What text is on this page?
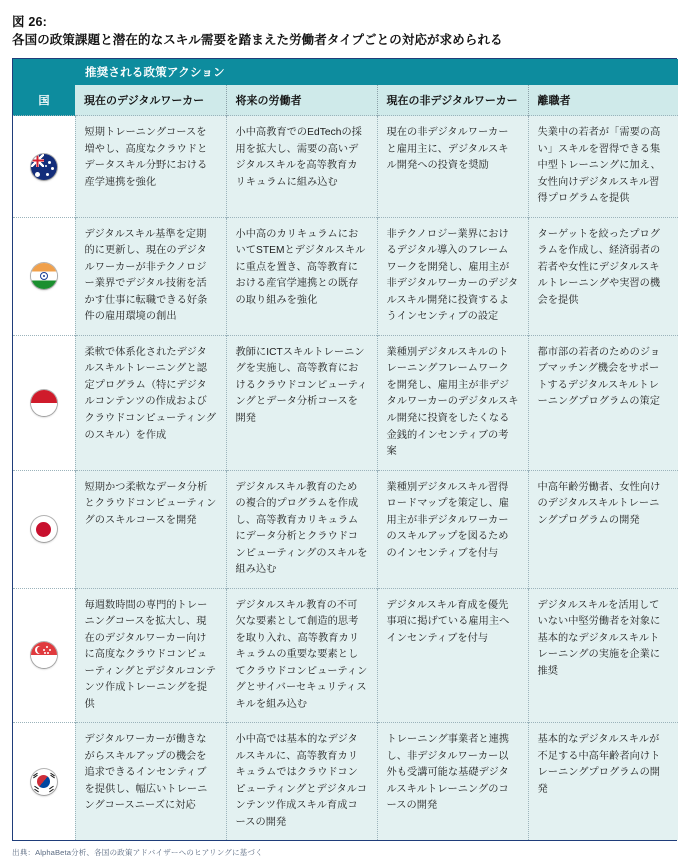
図 26:
各国の政策課題と潜在的なスキル需要を踏まえた労働者タイプごとの対応が求められる
	推奨される政策アクション			
国	現在のデジタルワーカー	将来の労働者	現在の非デジタルワーカー	離職者

	短期トレーニングコースを増やし、高度なクラウドとデータスキル分野における産学連携を強化	小中高教育でのEdTechの採用を拡大し、需要の高いデジタルスキルを高等教育カリキュラムに組み込む	現在の非デジタルワーカーと雇用主に、デジタルスキル開発への投資を奨励	失業中の若者が「需要の高い」スキルを習得できる集中型トレーニングに加え、女性向けデジタルスキル習得プログラムを提供

	デジタルスキル基準を定期的に更新し、現在のデジタルワーカーが非テクノロジー業界でデジタル技術を活かす仕事に転職できる好条件の雇用環境の創出	小中高のカリキュラムにおいてSTEMとデジタルスキルに重点を置き、高等教育における産官学連携との既存の取り組みを強化	非テクノロジー業界におけるデジタル導入のフレームワークを開発し、雇用主が非デジタルワーカーのデジタルスキル開発に投資するようインセンティブの設定	ターゲットを絞ったプログラムを作成し、経済弱者の若者や女性にデジタルスキルトレーニングや実習の機会を提供
	柔軟で体系化されたデジタルスキルトレーニングと認定プログラム（特にデジタルコンテンツの作成およびクラウドコンピューティングのスキル）を作成	教師にICTスキルトレーニングを実施し、高等教育におけるクラウドコンピューティングとデータ分析コースを開発	業種別デジタルスキルのトレーニングフレームワークを開発し、雇用主が非デジタルワーカーのデジタルスキル開発に投資をしたくなる金銭的インセンティブの考案	都市部の若者のためのジョブマッチング機会をサポートするデジタルスキルトレーニングプログラムの策定

	短期かつ柔軟なデータ分析とクラウドコンピューティングのスキルコースを開発	デジタルスキル教育のための複合的プログラムを作成し、高等教育カリキュラムにデータ分析とクラウドコンピューティングのスキルを組み込む	業種別デジタルスキル習得ロードマップを策定し、雇用主が非デジタルワーカーのスキルアップを図るためのインセンティブを付与	中高年齢労働者、女性向けのデジタルスキルトレーニングプログラムの開発

	毎週数時間の専門的トレーニングコースを拡大し、現在のデジタルワーカー向けに高度なクラウドコンピューティングとデジタルコンテンツ作成トレーニングを提供	デジタルスキル教育の不可欠な要素として創造的思考を取り入れ、高等教育カリキュラムの重要な要素としてクラウドコンピューティングとサイバーセキュリティスキルを組み込む	デジタルスキル育成を優先事項に掲げている雇用主へインセンティブを付与	デジタルスキルを活用していない中堅労働者を対象に基本的なデジタルスキルトレーニングの実施を企業に推奨

	デジタルワーカーが働きながらスキルアップの機会を追求できるインセンティブを提供し、幅広いトレーニングコースニーズに対応	小中高では基本的なデジタルスキルに、高等教育カリキュラムではクラウドコンピューティングとデジタルコンテンツ作成スキル育成コースの開発	トレーニング事業者と連携し、非デジタルワーカー以外も受講可能な基礎デジタルスキルトレーニングのコースの開発	基本的なデジタルスキルが不足する中高年齢者向けトレーニングプログラムの開発
出典：AlphaBeta分析、各国の政策アドバイザーへのヒアリングに基づく
